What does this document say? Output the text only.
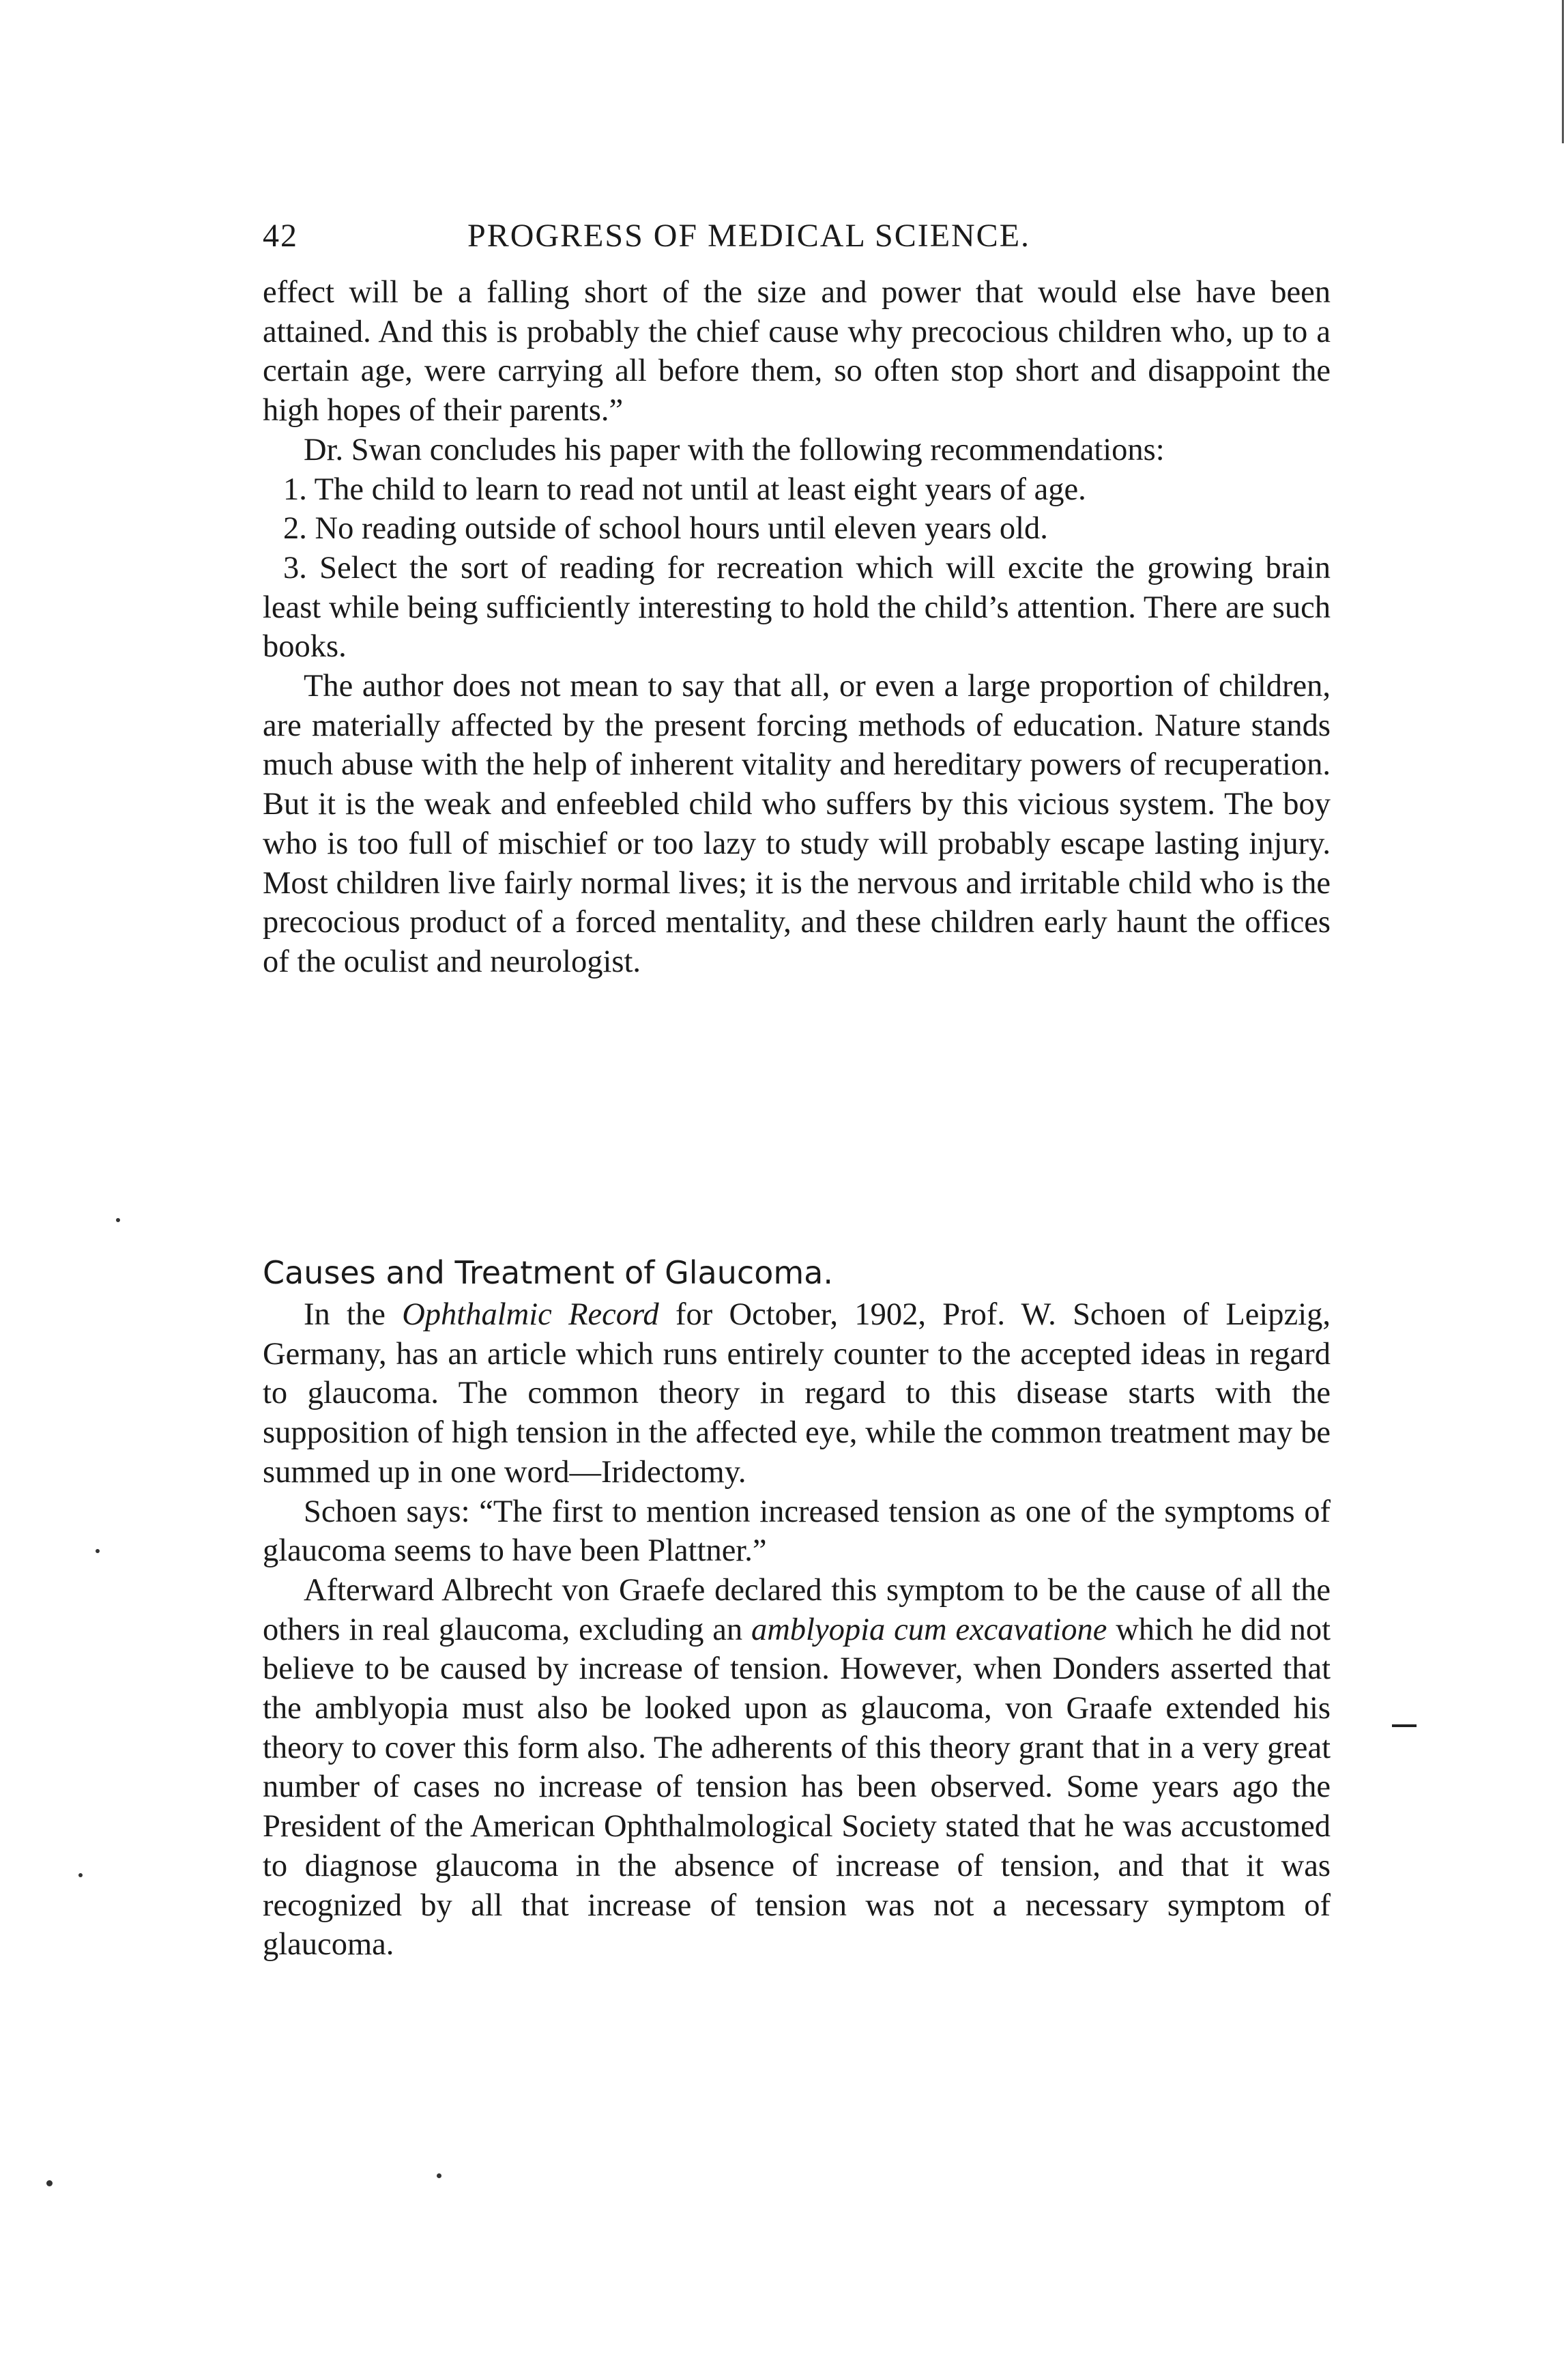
42	PROGRESS OF MEDICAL SCIENCE.

effect will be a falling short of the size and power that would else have been attained. And this is probably the chief cause why precocious children who, up to a certain age, were carrying all before them, so often stop short and disappoint the high hopes of their parents.”

Dr. Swan concludes his paper with the following recommendations:

1. The child to learn to read not until at least eight years of age.

2. No reading outside of school hours until eleven years old.

3. Select the sort of reading for recreation which will excite the growing brain least while being sufficiently interesting to hold the child’s attention. There are such books.

The author does not mean to say that all, or even a large proportion of children, are materially affected by the present forcing methods of education. Nature stands much abuse with the help of inherent vitality and hereditary powers of recuperation. But it is the weak and enfeebled child who suffers by this vicious system. The boy who is too full of mischief or too lazy to study will probably escape lasting injury. Most children live fairly normal lives; it is the nervous and irritable child who is the precocious product of a forced mentality, and these children early haunt the offices of the oculist and neurologist.

Causes and Treatment of Glaucoma.

In the Ophthalmic Record for October, 1902, Prof. W. Schoen of Leipzig, Germany, has an article which runs entirely counter to the accepted ideas in regard to glaucoma. The common theory in regard to this disease starts with the supposition of high tension in the affected eye, while the common treatment may be summed up in one word—Iridectomy.

Schoen says: “The first to mention increased tension as one of the symptoms of glaucoma seems to have been Plattner.”

Afterward Albrecht von Graefe declared this symptom to be the cause of all the others in real glaucoma, excluding an amblyopia cum excavatione which he did not believe to be caused by increase of tension. However, when Donders asserted that the amblyopia must also be looked upon as glaucoma, von Graafe extended his theory to cover this form also. The adherents of this theory grant that in a very great number of cases no increase of tension has been observed. Some years ago the President of the American Ophthalmological Society stated that he was accustomed to diagnose glaucoma in the absence of increase of tension, and that it was recognized by all that increase of tension was not a necessary symptom of glaucoma.
